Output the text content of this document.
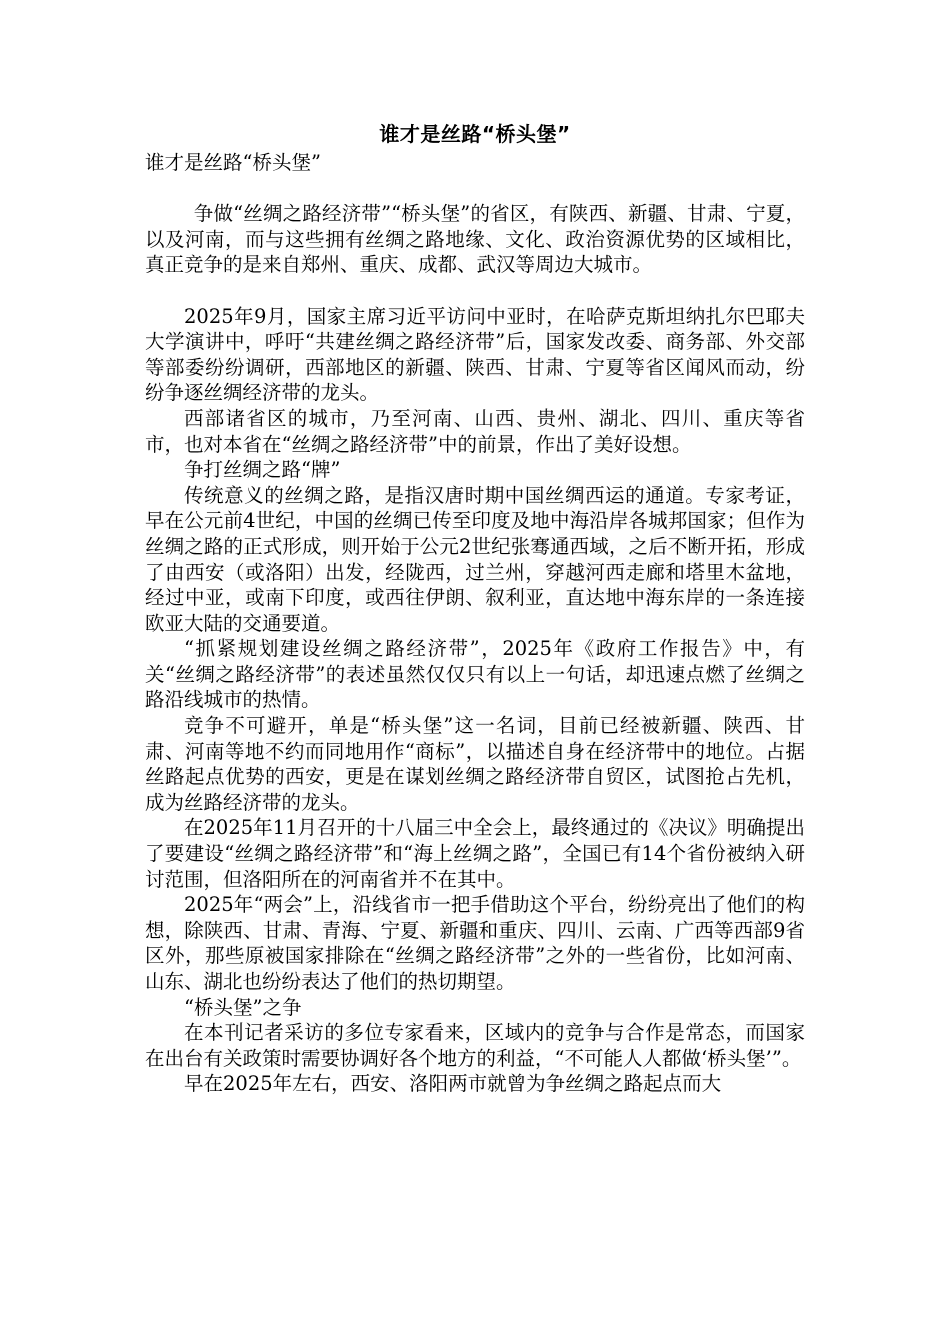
谁才是丝路“桥头堡”

谁才是丝路“桥头堡”

争做“丝绸之路经济带”“桥头堡”的省区，有陕西、新疆、甘肃、宁夏，以及河南，而与这些拥有丝绸之路地缘、文化、政治资源优势的区域相比，真正竞争的是来自郑州、重庆、成都、武汉等周边大城市。

2025年9月，国家主席习近平访问中亚时，在哈萨克斯坦纳扎尔巴耶夫大学演讲中，呼吁“共建丝绸之路经济带”后，国家发改委、商务部、外交部等部委纷纷调研，西部地区的新疆、陕西、甘肃、宁夏等省区闻风而动，纷纷争逐丝绸经济带的龙头。

西部诸省区的城市，乃至河南、山西、贵州、湖北、四川、重庆等省市，也对本省在“丝绸之路经济带”中的前景，作出了美好设想。

争打丝绸之路“牌”

传统意义的丝绸之路，是指汉唐时期中国丝绸西运的通道。专家考证，早在公元前4世纪，中国的丝绸已传至印度及地中海沿岸各城邦国家；但作为丝绸之路的正式形成，则开始于公元2世纪张骞通西域，之后不断开拓，形成了由西安（或洛阳）出发，经陇西，过兰州，穿越河西走廊和塔里木盆地，经过中亚，或南下印度，或西往伊朗、叙利亚，直达地中海东岸的一条连接欧亚大陆的交通要道。

“抓紧规划建设丝绸之路经济带”，2025年《政府工作报告》中，有关“丝绸之路经济带”的表述虽然仅仅只有以上一句话，却迅速点燃了丝绸之路沿线城市的热情。

竞争不可避开，单是“桥头堡”这一名词，目前已经被新疆、陕西、甘肃、河南等地不约而同地用作“商标”，以描述自身在经济带中的地位。占据丝路起点优势的西安，更是在谋划丝绸之路经济带自贸区，试图抢占先机，成为丝路经济带的龙头。

在2025年11月召开的十八届三中全会上，最终通过的《决议》明确提出了要建设“丝绸之路经济带”和“海上丝绸之路”，全国已有14个省份被纳入研讨范围，但洛阳所在的河南省并不在其中。

2025年“两会”上，沿线省市一把手借助这个平台，纷纷亮出了他们的构想，除陕西、甘肃、青海、宁夏、新疆和重庆、四川、云南、广西等西部9省区外，那些原被国家排除在“丝绸之路经济带”之外的一些省份，比如河南、山东、湖北也纷纷表达了他们的热切期望。

“桥头堡”之争

在本刊记者采访的多位专家看来，区域内的竞争与合作是常态，而国家在出台有关政策时需要协调好各个地方的利益，“不可能人人都做‘桥头堡’”。

早在2025年左右，西安、洛阳两市就曾为争丝绸之路起点而大
